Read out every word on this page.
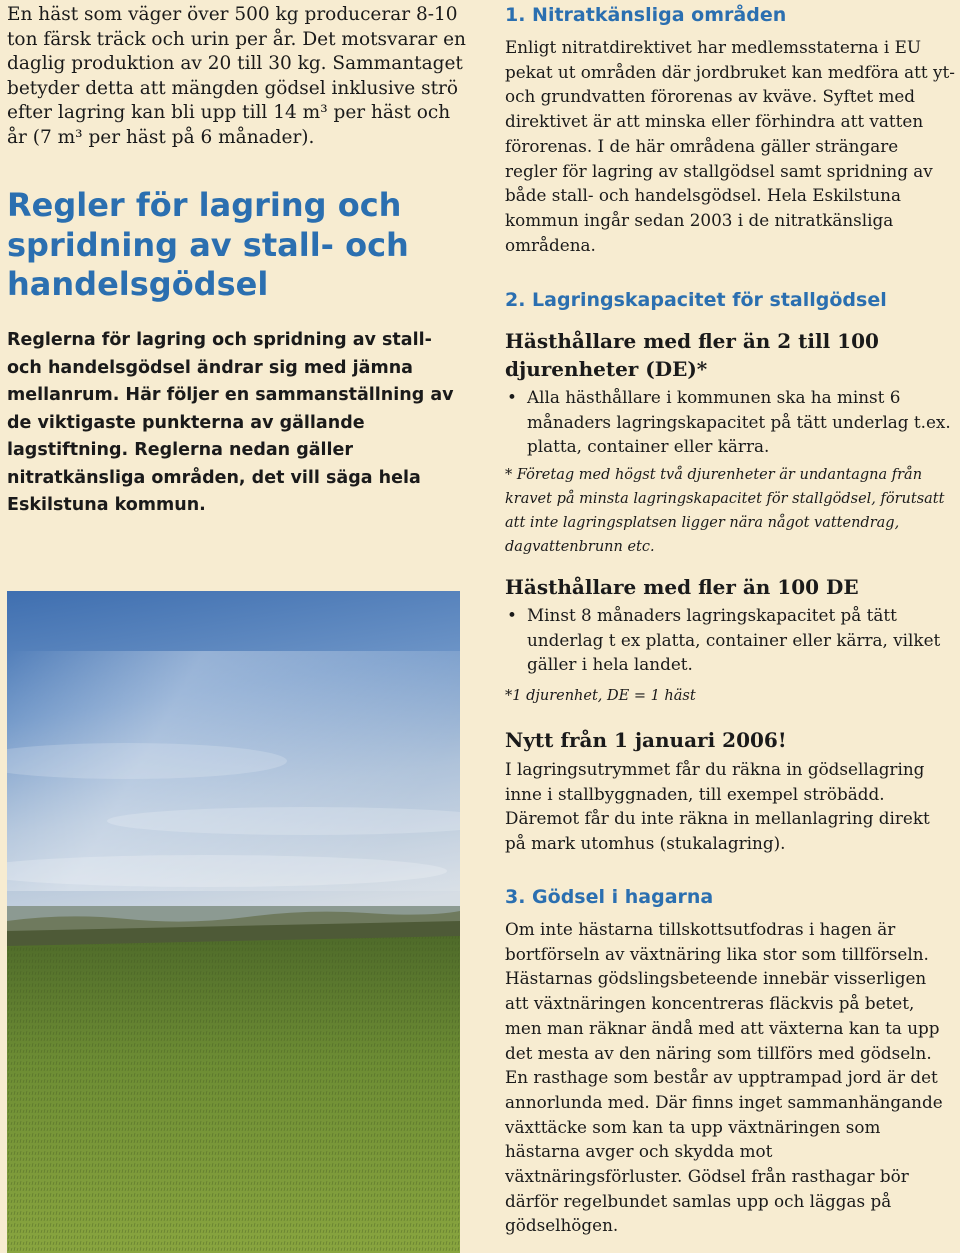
En häst som väger över 500 kg producerar 8-10 ton färsk träck och urin per år. Det motsvarar en daglig produktion av 20 till 30 kg. Sammantaget betyder detta att mängden gödsel inklusive strö efter lagring kan bli upp till 14 m³ per häst och år (7 m³ per häst på 6 månader).
Regler för lagring och spridning av stall- och handelsgödsel
Reglerna för lagring och spridning av stall- och handelsgödsel ändrar sig med jämna mellanrum. Här följer en sammanställning av de viktigaste punkterna av gällande lagstiftning. Reglerna nedan gäller nitratkänsliga områden, det vill säga hela Eskilstuna kommun.
1. Nitratkänsliga områden
Enligt nitratdirektivet har medlemsstaterna i EU pekat ut områden där jordbruket kan medföra att yt- och grundvatten förorenas av kväve. Syftet med direktivet är att minska eller förhindra att vatten förorenas. I de här områdena gäller strängare regler för lagring av stallgödsel samt spridning av både stall- och handelsgödsel. Hela Eskilstuna kommun ingår sedan 2003 i de nitratkänsliga områdena.
2. Lagringskapacitet för stallgödsel
Hästhållare med fler än 2 till 100 djurenheter (DE)*
• Alla hästhållare i kommunen ska ha minst 6 månaders lagringskapacitet på tätt underlag t.ex. platta, container eller kärra.
* Företag med högst två djurenheter är undantagna från kravet på minsta lagringskapacitet för stallgödsel, förutsatt att inte lagringsplatsen ligger nära något vattendrag, dagvattenbrunn etc.
Hästhållare med fler än 100 DE
• Minst 8 månaders lagringskapacitet på tätt underlag t ex platta, container eller kärra, vilket gäller i hela landet.
*1 djurenhet, DE = 1 häst
Nytt från 1 januari 2006!
I lagringsutrymmet får du räkna in gödsellagring inne i stallbyggnaden, till exempel ströbädd. Däremot får du inte räkna in mellanlagring direkt på mark utomhus (stukalagring).
3. Gödsel i hagarna
Om inte hästarna tillskottsutfodras i hagen är bortförseln av växtnäring lika stor som tillförseln. Hästarnas gödslingsbeteende innebär visserligen att växtnäringen koncentreras fläckvis på betet, men man räknar ändå med att växterna kan ta upp det mesta av den näring som tillförs med gödseln. En rasthage som består av upptrampad jord är det annorlunda med. Där finns inget sammanhängande växttäcke som kan ta upp växtnäringen som hästarna avger och skydda mot växtnäringsförluster. Gödsel från rasthagar bör därför regelbundet samlas upp och läggas på gödselhögen.
